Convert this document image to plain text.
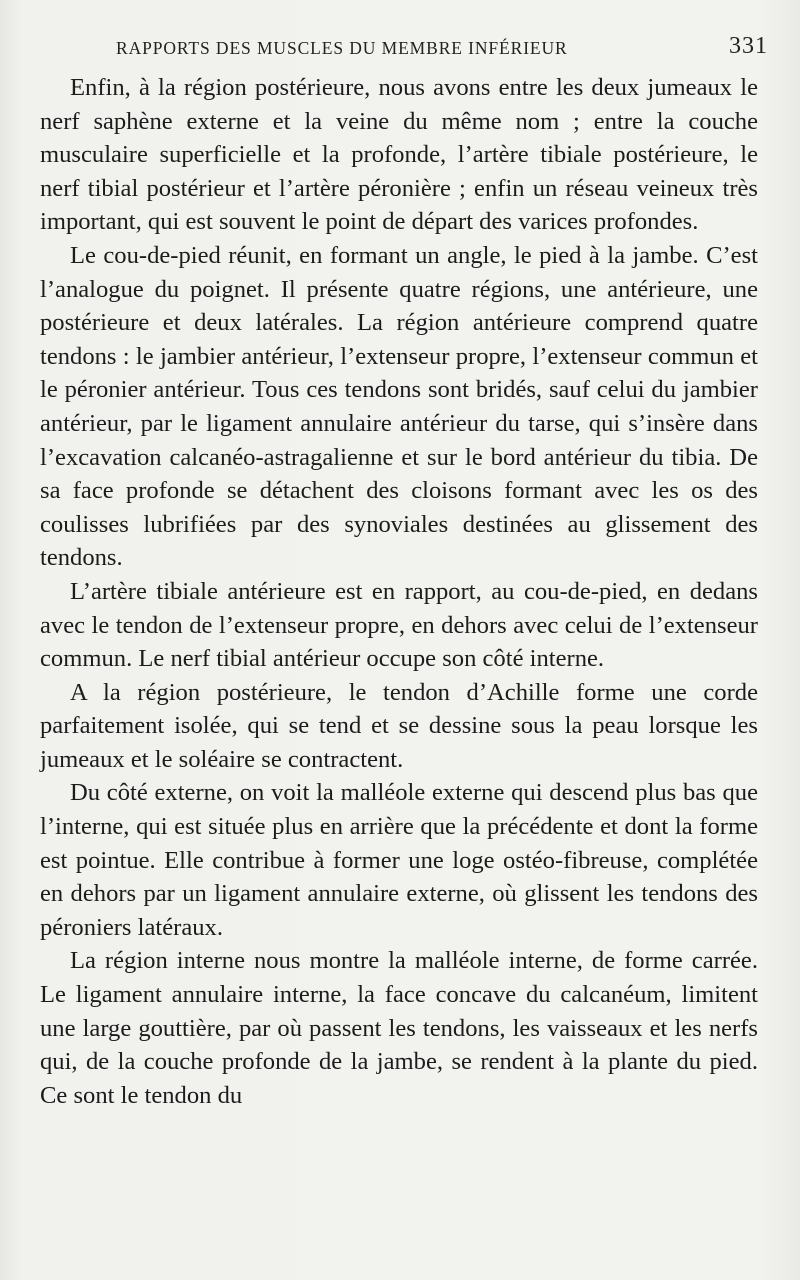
RAPPORTS DES MUSCLES DU MEMBRE INFÉRIEUR	331

Enfin, à la région postérieure, nous avons entre les deux jumeaux le nerf saphène externe et la veine du même nom ; entre la couche musculaire superficielle et la profonde, l’artère tibiale postérieure, le nerf tibial postérieur et l’artère péronière ; enfin un réseau veineux très important, qui est souvent le point de départ des varices profondes.

Le cou-de-pied réunit, en formant un angle, le pied à la jambe. C’est l’analogue du poignet. Il présente quatre régions, une antérieure, une postérieure et deux latérales. La région antérieure comprend quatre tendons : le jambier antérieur, l’extenseur propre, l’extenseur commun et le péronier antérieur. Tous ces tendons sont bridés, sauf celui du jambier antérieur, par le ligament annulaire antérieur du tarse, qui s’insère dans l’excavation calcanéo-astragalienne et sur le bord antérieur du tibia. De sa face profonde se détachent des cloisons formant avec les os des coulisses lubrifiées par des synoviales destinées au glissement des tendons.

L’artère tibiale antérieure est en rapport, au cou-de-pied, en dedans avec le tendon de l’extenseur propre, en dehors avec celui de l’extenseur commun. Le nerf tibial antérieur occupe son côté interne.

A la région postérieure, le tendon d’Achille forme une corde parfaitement isolée, qui se tend et se dessine sous la peau lorsque les jumeaux et le soléaire se contractent.

Du côté externe, on voit la malléole externe qui descend plus bas que l’interne, qui est située plus en arrière que la précédente et dont la forme est pointue. Elle contribue à former une loge ostéo-fibreuse, complétée en dehors par un ligament annulaire externe, où glissent les tendons des péroniers latéraux.

La région interne nous montre la malléole interne, de forme carrée. Le ligament annulaire interne, la face concave du calcanéum, limitent une large gouttière, par où passent les tendons, les vaisseaux et les nerfs qui, de la couche profonde de la jambe, se rendent à la plante du pied. Ce sont le tendon du
